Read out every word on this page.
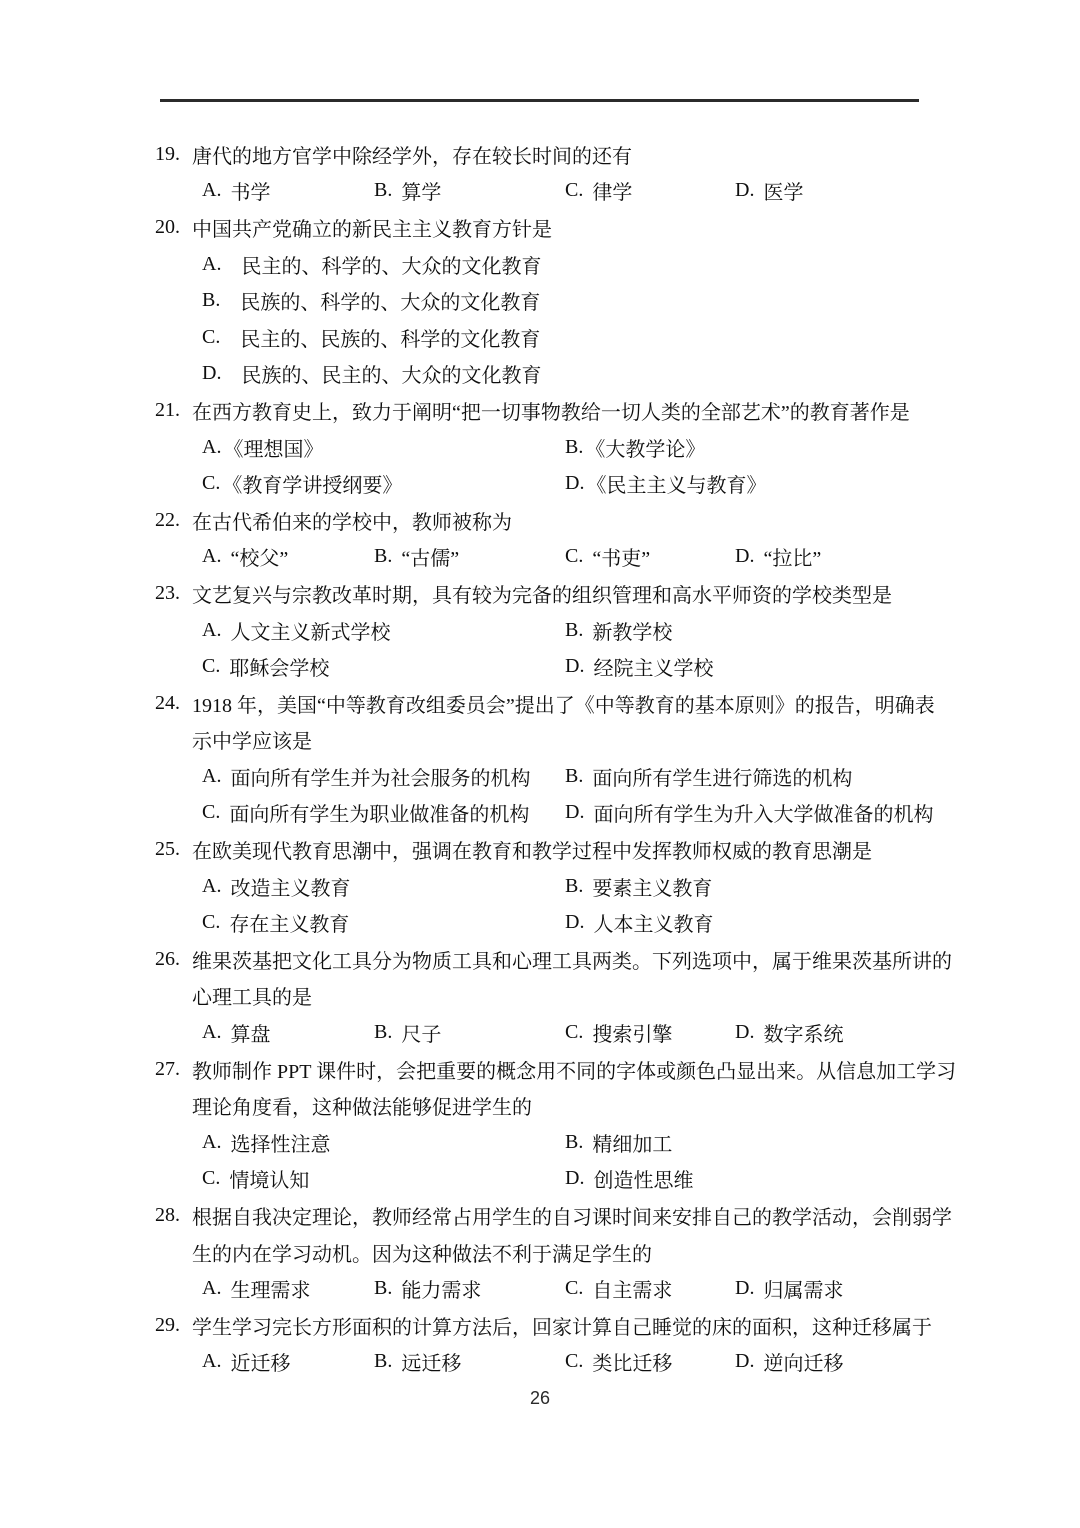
19. 唐代的地方官学中除经学外，存在较长时间的还有
A. 书学	B. 算学	C. 律学	D. 医学
20. 中国共产党确立的新民主主义教育方针是
A. 民主的、科学的、大众的文化教育
B. 民族的、科学的、大众的文化教育
C. 民主的、民族的、科学的文化教育
D. 民族的、民主的、大众的文化教育
21. 在西方教育史上，致力于阐明“把一切事物教给一切人类的全部艺术”的教育著作是
A. 《理想国》	B. 《大教学论》
C. 《教育学讲授纲要》	D. 《民主主义与教育》
22. 在古代希伯来的学校中，教师被称为
A. “校父”	B. “古儒”	C. “书吏”	D. “拉比”
23. 文艺复兴与宗教改革时期，具有较为完备的组织管理和高水平师资的学校类型是
A. 人文主义新式学校	B. 新教学校
C. 耶稣会学校	D. 经院主义学校
24. 1918 年，美国“中等教育改组委员会”提出了《中等教育的基本原则》的报告，明确表
示中学应该是
A. 面向所有学生并为社会服务的机构 B. 面向所有学生进行筛选的机构
C. 面向所有学生为职业做准备的机构 D. 面向所有学生为升入大学做准备的机构
25. 在欧美现代教育思潮中，强调在教育和教学过程中发挥教师权威的教育思潮是
A. 改造主义教育	B. 要素主义教育
C. 存在主义教育	D. 人本主义教育
26. 维果茨基把文化工具分为物质工具和心理工具两类。下列选项中，属于维果茨基所讲的
心理工具的是
A. 算盘	B. 尺子	C. 搜索引擎	D. 数字系统
27. 教师制作 PPT 课件时，会把重要的概念用不同的字体或颜色凸显出来。从信息加工学习
理论角度看，这种做法能够促进学生的
A. 选择性注意	B. 精细加工
C. 情境认知	D. 创造性思维
28. 根据自我决定理论，教师经常占用学生的自习课时间来安排自己的教学活动，会削弱学
生的内在学习动机。因为这种做法不利于满足学生的
A. 生理需求	B. 能力需求	C. 自主需求	D. 归属需求
29. 学生学习完长方形面积的计算方法后，回家计算自己睡觉的床的面积，这种迁移属于
A. 近迁移	B. 远迁移	C. 类比迁移	D. 逆向迁移
26
